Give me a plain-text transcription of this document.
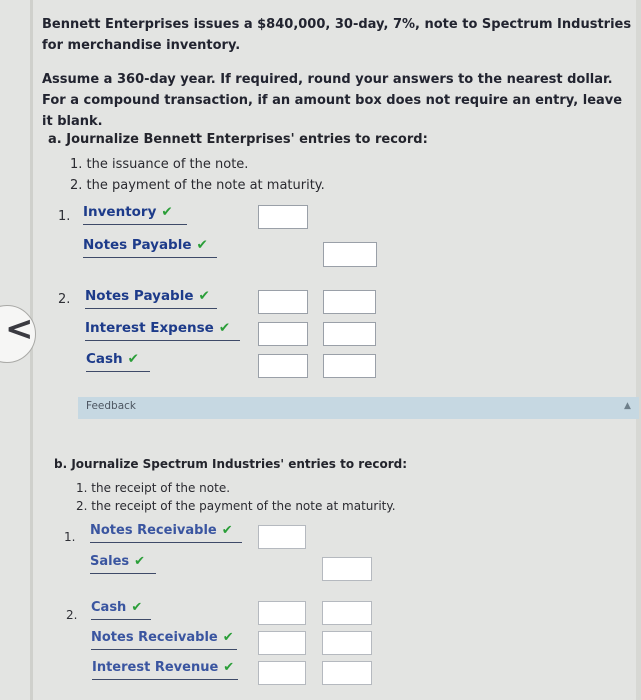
Bennett Enterprises issues a $840,000, 30-day, 7%, note to Spectrum Industries for merchandise inventory.
Assume a 360-day year. If required, round your answers to the nearest dollar. For a compound transaction, if an amount box does not require an entry, leave it blank.
a. Journalize Bennett Enterprises' entries to record:
1. the issuance of the note.
2. the payment of the note at maturity.
1. Inventory ✔
Notes Payable ✔
2. Notes Payable ✔
Interest Expense ✔
Cash ✔
Feedback	▲
<
b. Journalize Spectrum Industries' entries to record:
1. the receipt of the note.
2. the receipt of the payment of the note at maturity.
1. Notes Receivable ✔
Sales ✔
2. Cash ✔
Notes Receivable ✔
Interest Revenue ✔
